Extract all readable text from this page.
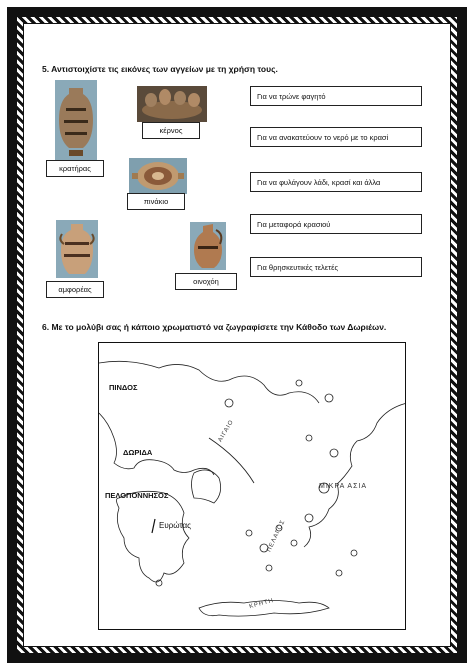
5. Αντιστοιχίστε τις εικόνες των αγγείων με τη χρήση τους.
κρατήρας
κέρνος
πινάκιο
αμφορέας
οινοχόη
Για να τρώνε φαγητό
Για να ανακατεύουν το νερό με το κρασί
Για να φυλάγουν λάδι, κρασί και άλλα
Για μεταφορά κρασιού
Για θρησκευτικές τελετές
6. Με το μολύβι σας ή κάποιο χρωματιστό να ζωγραφίσετε την Κάθοδο των Δωριέων.
ΠΙΝΔΟΣ
ΔΩΡΙΔΑ
ΠΕΛΟΠΟΝΝΗΣΟΣ
Ευρώτας
ΑΙΓΑΙΟ
ΜΙΚΡΑ ΑΣΙΑ
ΠΕΛΑΓΟΣ
ΚΡΗΤΗ
